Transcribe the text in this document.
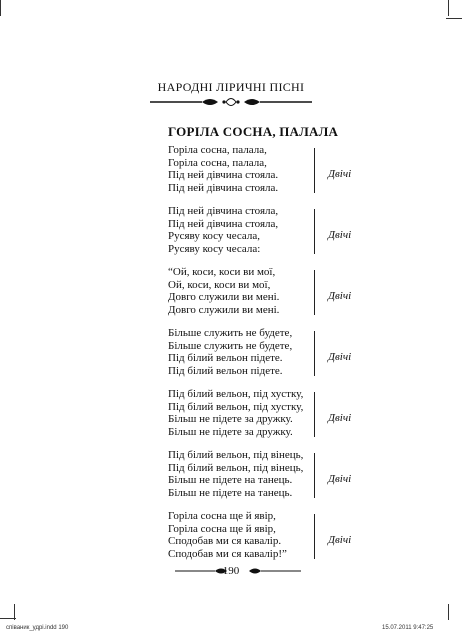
НАРОДНІ ЛІРИЧНІ ПІСНІ
ГОРІЛА СОСНА, ПАЛАЛА
Горіла сосна, палала,
Горіла сосна, палала,
Під ней дівчина стояла.
Під ней дівчина стояла.
Двічі
Під ней дівчина стояла,
Під ней дівчина стояла,
Русяву косу чесала,
Русяву косу чесала:
Двічі
“Ой, коси, коси ви мої,
Ой, коси, коси ви мої,
Довго служили ви мені.
Довго служили ви мені.
Двічі
Більше служить не будете,
Більше служить не будете,
Під білий вельон підете.
Під білий вельон підете.
Двічі
Під білий вельон, під хустку,
Під білий вельон, під хустку,
Більш не підете за дружку.
Більш не підете за дружку.
Двічі
Під білий вельон, під вінець,
Під білий вельон, під вінець,
Більш не підете на танець.
Більш не підете на танець.
Двічі
Горіла сосна ще й явір,
Горіла сосна ще й явір,
Сподобав ми ся кавалір.
Сподобав ми ся кавалір!”
Двічі
190
співаник_удрі.indd 190	15.07.2011 9:47:25
